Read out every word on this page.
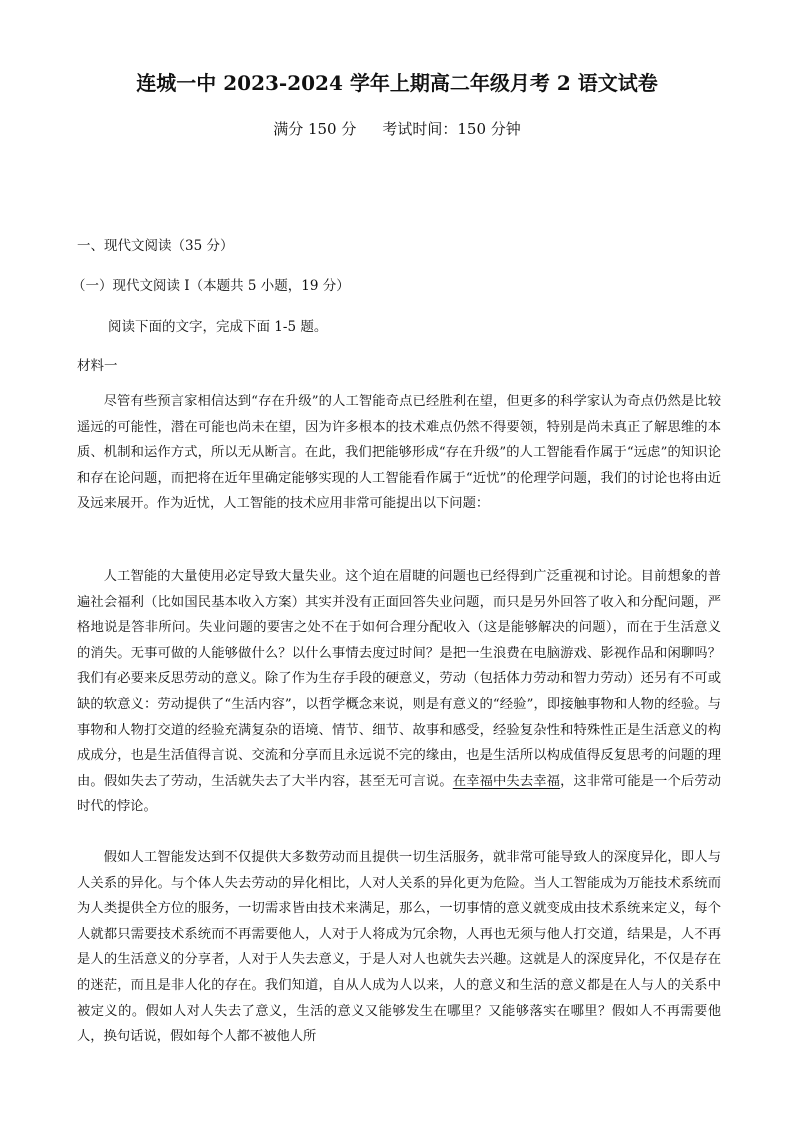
连城一中 2023-2024 学年上期高二年级月考 2 语文试卷
满分 150 分 考试时间：150 分钟
一、现代文阅读（35 分）
（一）现代文阅读 I（本题共 5 小题，19 分）
阅读下面的文字，完成下面 1-5 题。
材料一
尽管有些预言家相信达到“存在升级”的人工智能奇点已经胜利在望，但更多的科学家认为奇点仍然是比较遥远的可能性，潜在可能也尚未在望，因为许多根本的技术难点仍然不得要领，特别是尚未真正了解思维的本质、机制和运作方式，所以无从断言。在此，我们把能够形成“存在升级”的人工智能看作属于“远虑”的知识论和存在论问题，而把将在近年里确定能够实现的人工智能看作属于“近忧”的伦理学问题，我们的讨论也将由近及远来展开。作为近忧，人工智能的技术应用非常可能提出以下问题：
人工智能的大量使用必定导致大量失业。这个迫在眉睫的问题也已经得到广泛重视和讨论。目前想象的普遍社会福利（比如国民基本收入方案）其实并没有正面回答失业问题，而只是另外回答了收入和分配问题，严格地说是答非所问。失业问题的要害之处不在于如何合理分配收入（这是能够解决的问题），而在于生活意义的消失。无事可做的人能够做什么？以什么事情去度过时间？是把一生浪费在电脑游戏、影视作品和闲聊吗？我们有必要来反思劳动的意义。除了作为生存手段的硬意义，劳动（包括体力劳动和智力劳动）还另有不可或缺的软意义：劳动提供了“生活内容”，以哲学概念来说，则是有意义的“经验”，即接触事物和人物的经验。与事物和人物打交道的经验充满复杂的语境、情节、细节、故事和感受，经验复杂性和特殊性正是生活意义的构成成分，也是生活值得言说、交流和分享而且永远说不完的缘由，也是生活所以构成值得反复思考的问题的理由。假如失去了劳动，生活就失去了大半内容，甚至无可言说。在幸福中失去幸福，这非常可能是一个后劳动时代的悖论。
假如人工智能发达到不仅提供大多数劳动而且提供一切生活服务，就非常可能导致人的深度异化，即人与人关系的异化。与个体人失去劳动的异化相比，人对人关系的异化更为危险。当人工智能成为万能技术系统而为人类提供全方位的服务，一切需求皆由技术来满足，那么，一切事情的意义就变成由技术系统来定义，每个人就都只需要技术系统而不再需要他人，人对于人将成为冗余物，人再也无须与他人打交道，结果是，人不再是人的生活意义的分享者，人对于人失去意义，于是人对人也就失去兴趣。这就是人的深度异化，不仅是存在的迷茫，而且是非人化的存在。我们知道，自从人成为人以来，人的意义和生活的意义都是在人与人的关系中被定义的。假如人对人失去了意义，生活的意义又能够发生在哪里？又能够落实在哪里？假如人不再需要他人，换句话说，假如每个人都不被他人所
